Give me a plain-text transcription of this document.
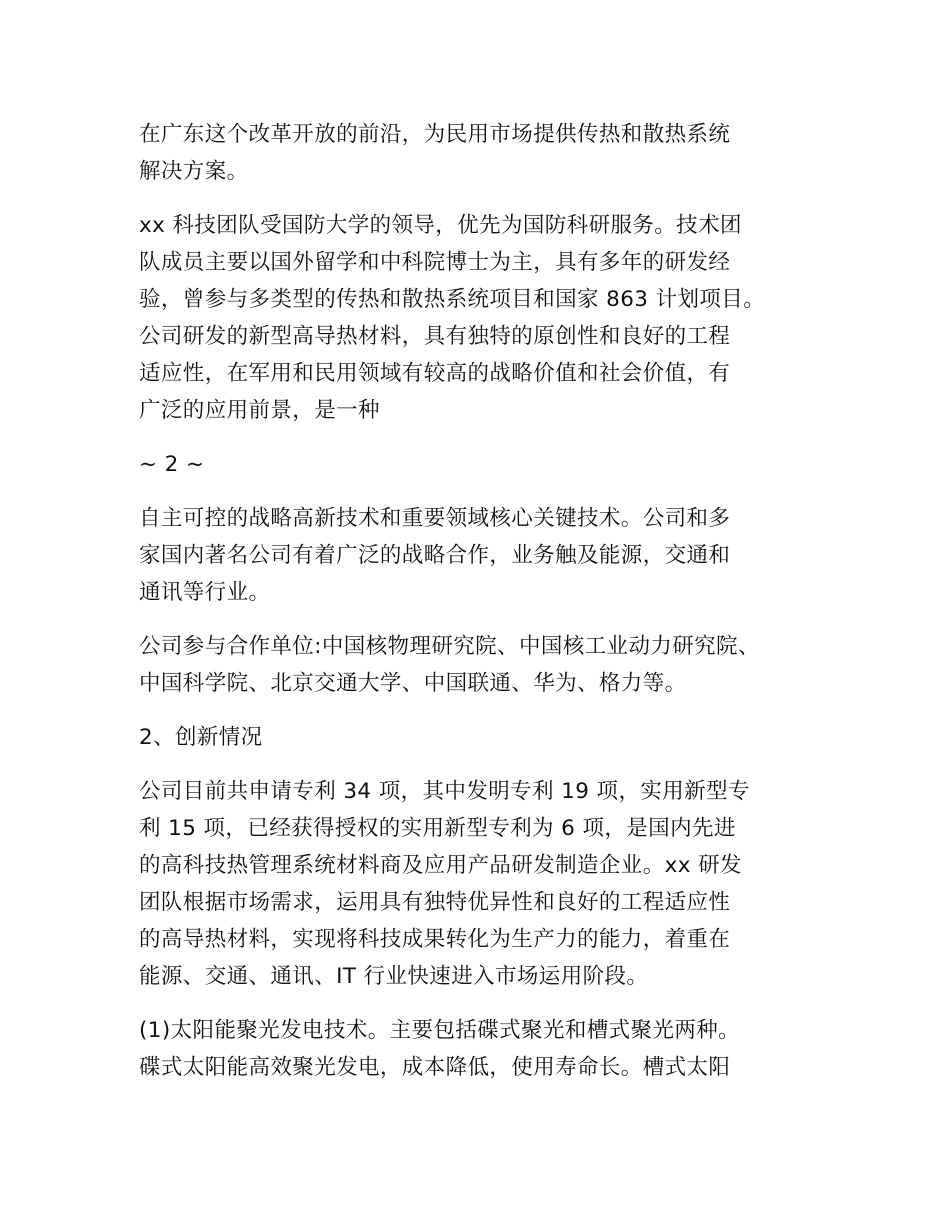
在广东这个改革开放的前沿，为民用市场提供传热和散热系统
解决方案。
xx 科技团队受国防大学的领导，优先为国防科研服务。技术团
队成员主要以国外留学和中科院博士为主，具有多年的研发经
验，曾参与多类型的传热和散热系统项目和国家 863 计划项目。
公司研发的新型高导热材料，具有独特的原创性和良好的工程
适应性，在军用和民用领域有较高的战略价值和社会价值，有
广泛的应用前景，是一种
~ 2 ~
自主可控的战略高新技术和重要领域核心关键技术。公司和多
家国内著名公司有着广泛的战略合作，业务触及能源，交通和
通讯等行业。
公司参与合作单位:中国核物理研究院、中国核工业动力研究院、
中国科学院、北京交通大学、中国联通、华为、格力等。
2、创新情况
公司目前共申请专利 34 项，其中发明专利 19 项，实用新型专
利 15 项，已经获得授权的实用新型专利为 6 项，是国内先进
的高科技热管理系统材料商及应用产品研发制造企业。xx 研发
团队根据市场需求，运用具有独特优异性和良好的工程适应性
的高导热材料，实现将科技成果转化为生产力的能力，着重在
能源、交通、通讯、IT 行业快速进入市场运用阶段。
(1)太阳能聚光发电技术。主要包括碟式聚光和槽式聚光两种。
碟式太阳能高效聚光发电，成本降低，使用寿命长。槽式太阳
